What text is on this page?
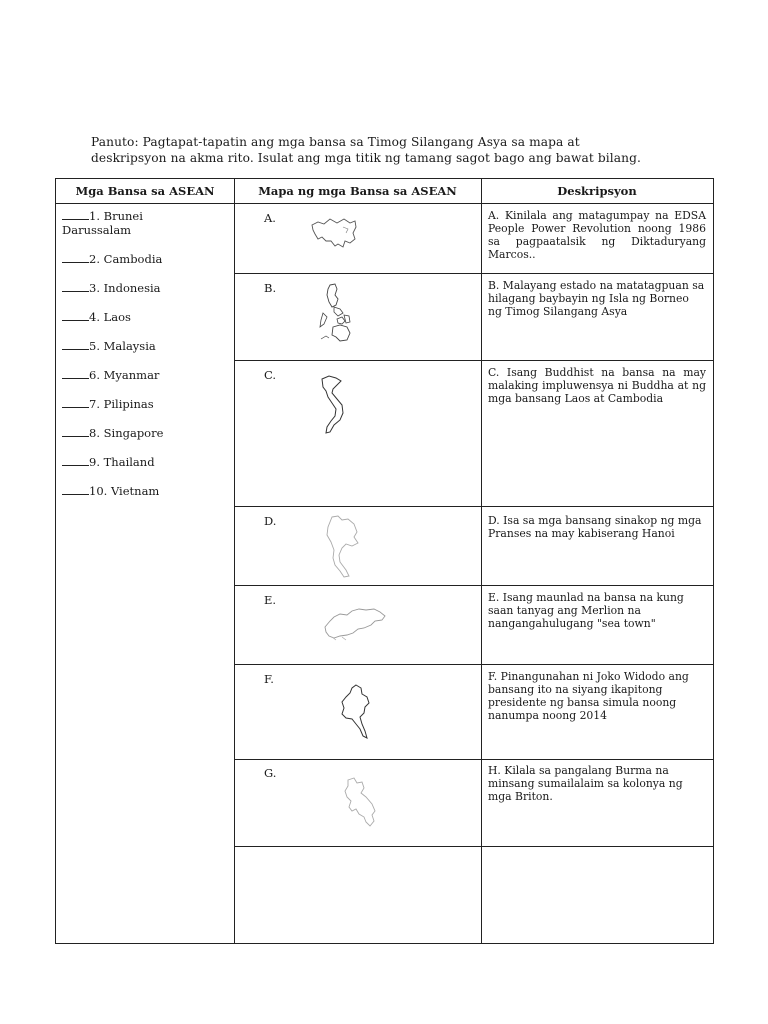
Panuto: Pagtapat-tapatin ang mga bansa sa Timog Silangang Asya sa mapa at
deskripsyon na akma rito. Isulat ang mga titik ng tamang sagot bago ang bawat bilang.
Mga Bansa sa ASEAN	Mapa ng mga Bansa sa ASEAN	Deskripsyon
1. Brunei
Darussalam
2. Cambodia
3. Indonesia
4. Laos
5. Malaysia
6. Myanmar
7. Pilipinas
8. Singapore
9. Thailand
10. Vietnam
A.	A. Kinilala ang matagumpay na EDSA People Power Revolution noong 1986 sa pagpaatalsik ng Diktaduryang Marcos..
B.	B. Malayang estado na matatagpuan sa hilagang baybayin ng Isla ng Borneo ng Timog Silangang Asya
C.	C. Isang Buddhist na bansa na may malaking impluwensya ni Buddha at ng mga bansang Laos at Cambodia
D.	D. Isa sa mga bansang sinakop ng mga Pranses na may kabiserang Hanoi
E.	E. Isang maunlad na bansa na kung saan tanyag ang Merlion na nangangahulugang "sea town"
F.	F. Pinangunahan ni Joko Widodo ang bansang ito na siyang ikapitong presidente ng bansa simula noong nanumpa noong 2014
G.	H. Kilala sa pangalang Burma na minsang sumailalaim sa kolonya ng mga Briton.
